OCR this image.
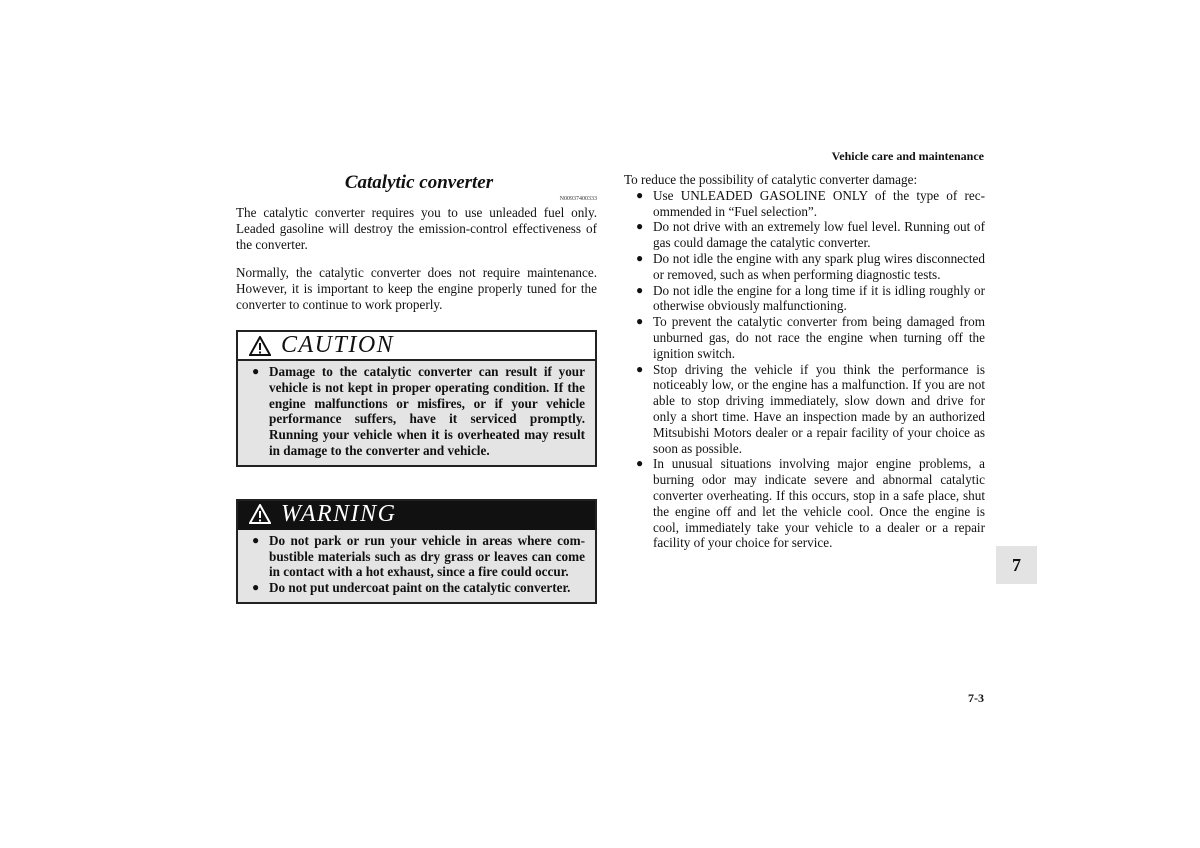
Vehicle care and maintenance
Catalytic converter
N00937400333

The catalytic converter requires you to use unleaded fuel only. Leaded gasoline will destroy the emission-control effectiveness of the converter.

Normally, the catalytic converter does not require maintenance. However, it is important to keep the engine properly tuned for the converter to continue to work properly.

CAUTION
● Damage to the catalytic converter can result if your vehicle is not kept in proper operating condition. If the engine malfunctions or misfires, or if your vehicle performance suffers, have it serviced promptly. Running your vehicle when it is overheated may result in damage to the converter and vehicle.
WARNING
● Do not park or run your vehicle in areas where combustible materials such as dry grass or leaves can come in contact with a hot exhaust, since a fire could occur.
● Do not put undercoat paint on the catalytic converter.

To reduce the possibility of catalytic converter damage:

● Use UNLEADED GASOLINE ONLY of the type of recommended in “Fuel selection”.
● Do not drive with an extremely low fuel level. Running out of gas could damage the catalytic converter.
● Do not idle the engine with any spark plug wires disconnected or removed, such as when performing diagnostic tests.
● Do not idle the engine for a long time if it is idling roughly or otherwise obviously malfunctioning.
● To prevent the catalytic converter from being damaged from unburned gas, do not race the engine when turning off the ignition switch.
● Stop driving the vehicle if you think the performance is noticeably low, or the engine has a malfunction. If you are not able to stop driving immediately, slow down and drive for only a short time. Have an inspection made by an authorized Mitsubishi Motors dealer or a repair facility of your choice as soon as possible.
● In unusual situations involving major engine problems, a burning odor may indicate severe and abnormal catalytic converter overheating. If this occurs, stop in a safe place, shut the engine off and let the vehicle cool. Once the engine is cool, immediately take your vehicle to a dealer or a repair facility of your choice for service.
7
7-3
